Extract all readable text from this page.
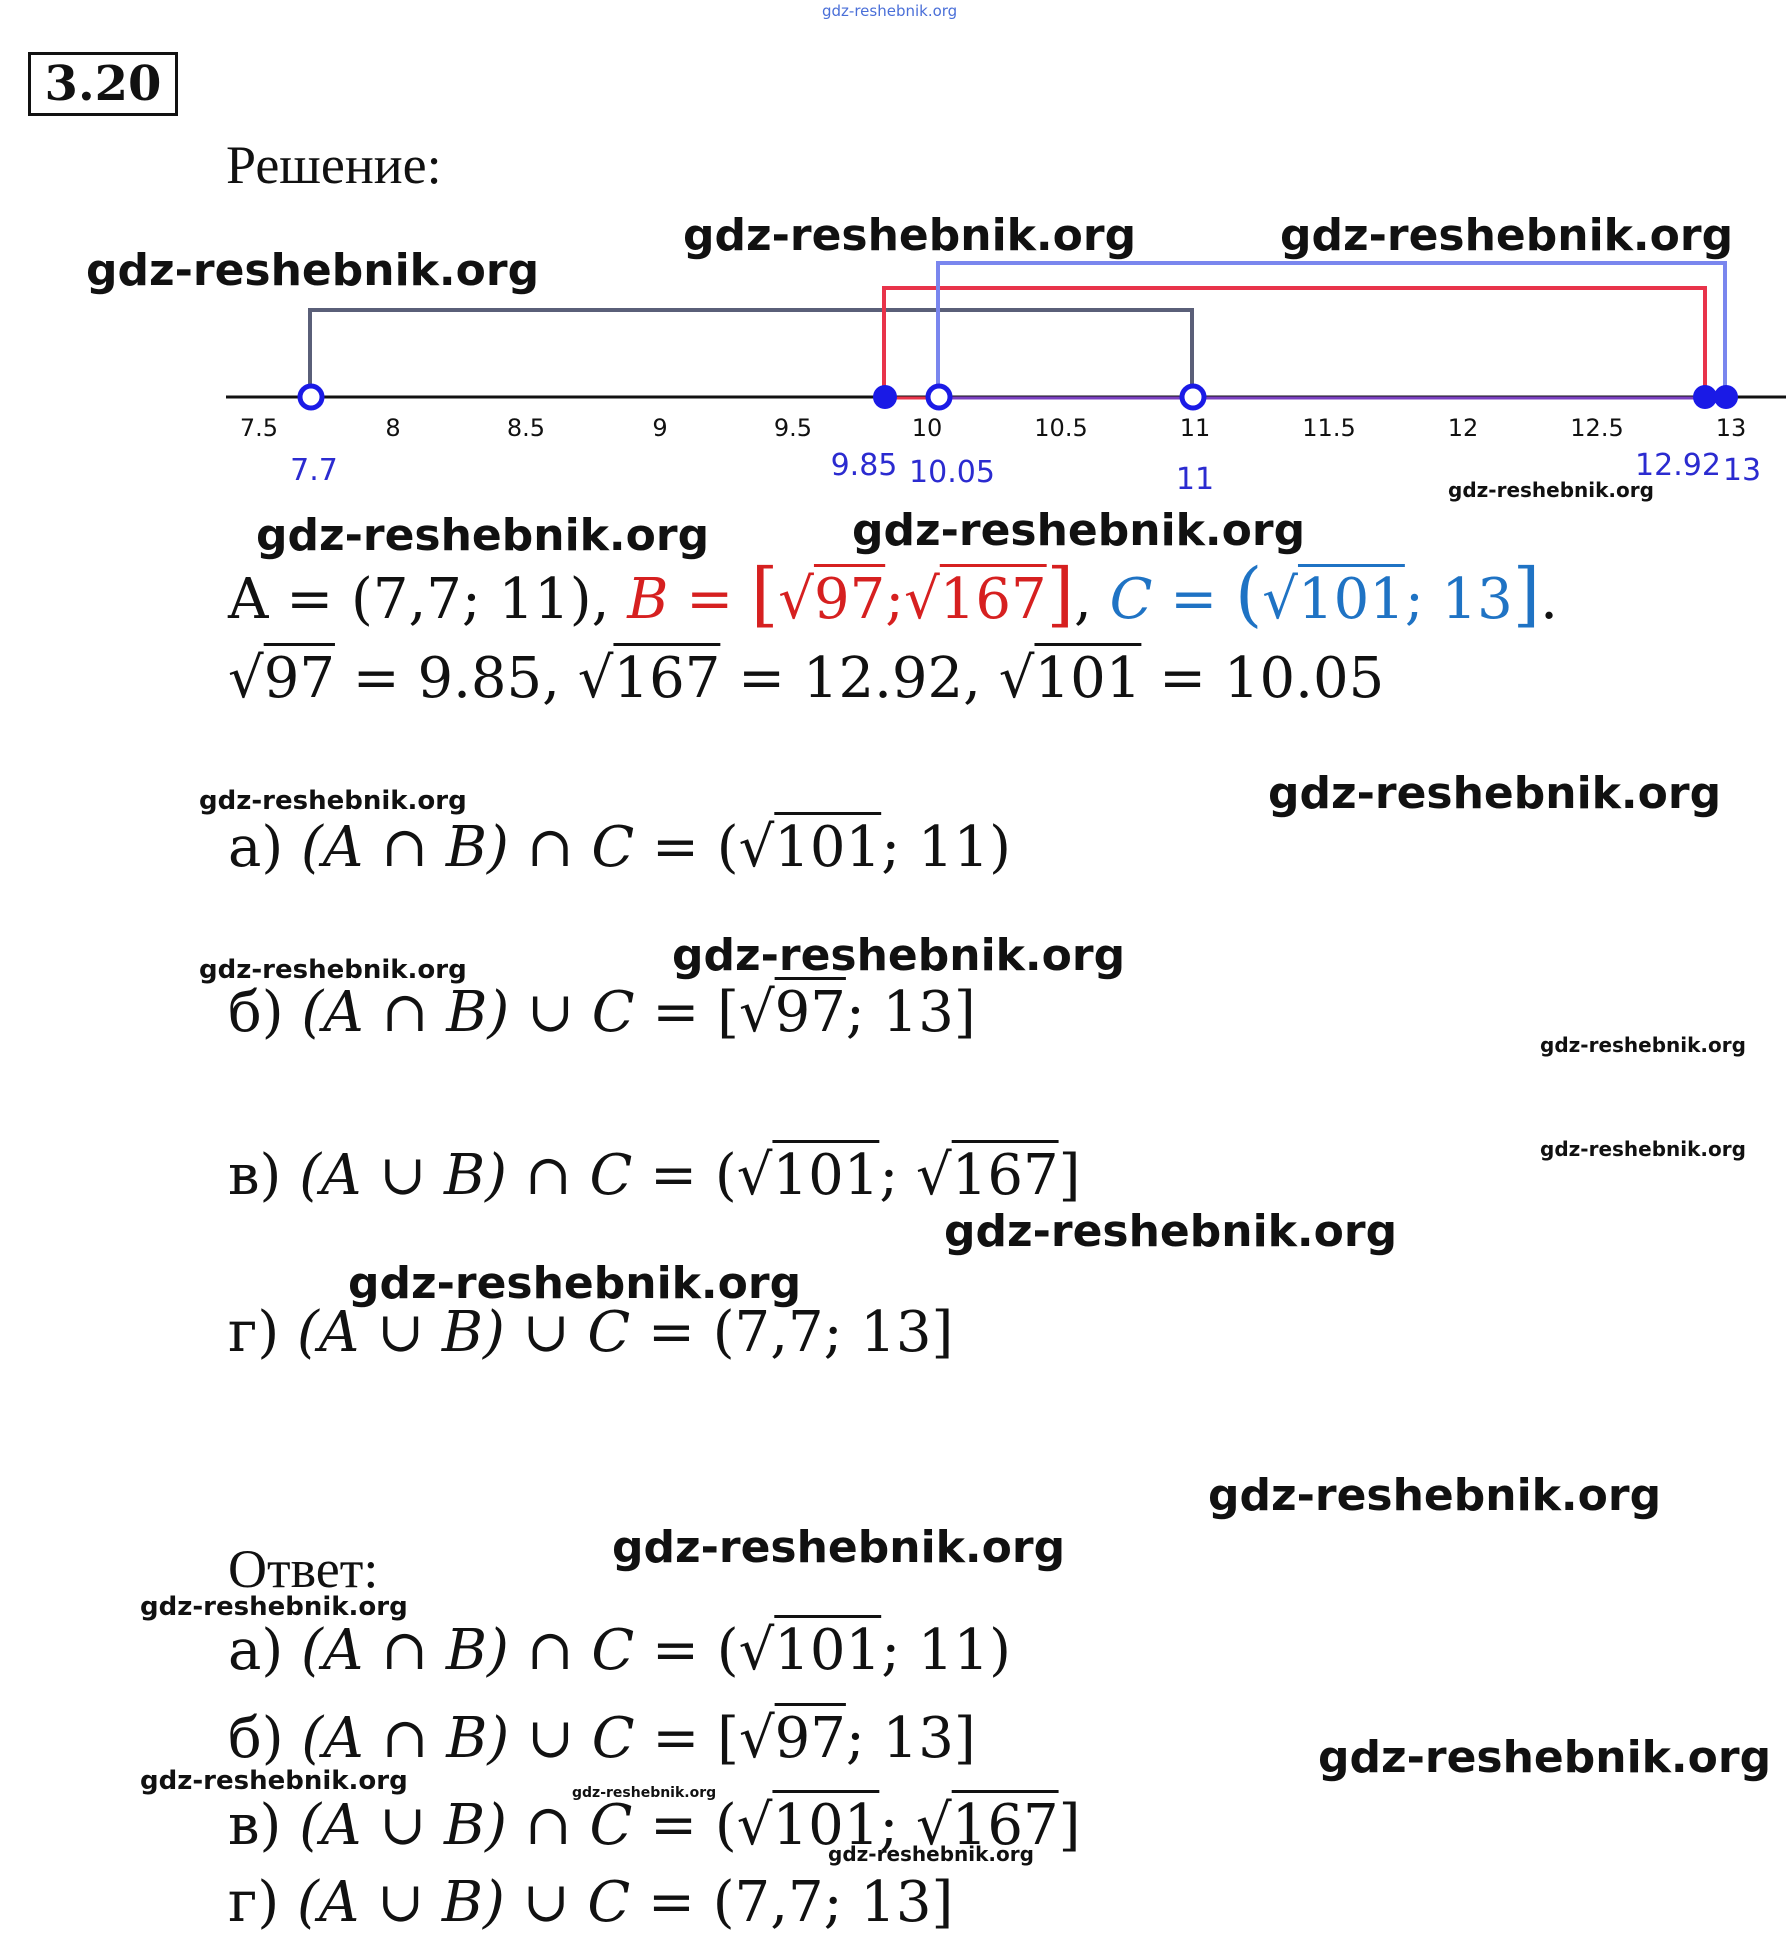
gdz-reshebnik.org
3.20
Решение:
gdz-reshebnik.org
gdz-reshebnik.org	gdz-reshebnik.org
7.5	8	8.5	9	9.5	10	10.5	11	11.5	12	12.5	13
7.7	9.85 10.05	11	12.92 13
gdz-reshebnik.org
gdz-reshebnik.org	gdz-reshebnik.org
A = (7,7; 11), B = [√97;√167], C = (√101; 13].
√97 = 9.85, √167 = 12.92, √101 = 10.05
gdz-reshebnik.org	gdz-reshebnik.org
а) (A ∩ B) ∩ C = (√101; 11)
gdz-reshebnik.org	gdz-reshebnik.org
б) (A ∩ B) ∪ C = [√97; 13]	gdz-reshebnik.org
gdz-reshebnik.org
в) (A ∪ B) ∩ C = (√101; √167]
gdz-reshebnik.org
gdz-reshebnik.org
г) (A ∪ B) ∪ C = (7,7; 13]
gdz-reshebnik.org
gdz-reshebnik.org
Ответ:
gdz-reshebnik.org
а) (A ∩ B) ∩ C = (√101; 11)
б) (A ∩ B) ∪ C = [√97; 13]	gdz-reshebnik.org
gdz-reshebnik.org	gdz-reshebnik.org
в) (A ∪ B) ∩ C = (√101; √167]
gdz-reshebnik.org
г) (A ∪ B) ∪ C = (7,7; 13]
